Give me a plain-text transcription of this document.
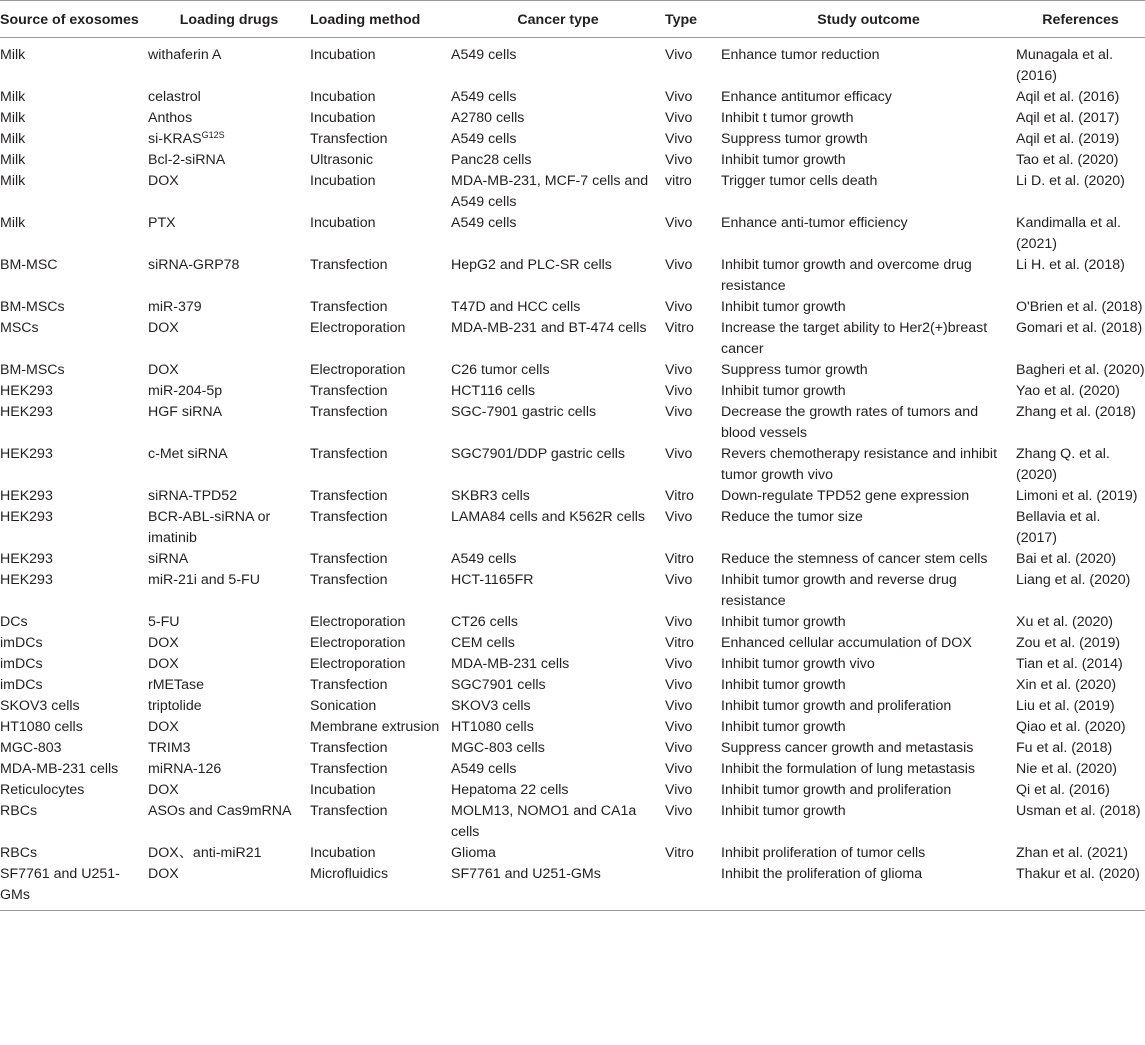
Source of exosomes	Loading drugs	Loading method	Cancer type	Type	Study outcome	References
Milk	withaferin A	Incubation	A549 cells	Vivo	Enhance tumor reduction	Munagala et al. (2016)
Milk	celastrol	Incubation	A549 cells	Vivo	Enhance antitumor efficacy	Aqil et al. (2016)
Milk	Anthos	Incubation	A2780 cells	Vivo	Inhibit t tumor growth	Aqil et al. (2017)
Milk	$si-KRAS^{G12S}$	Transfection	A549 cells	Vivo	Suppress tumor growth	Aqil et al. (2019)
Milk	Bcl-2-siRNA	Ultrasonic	Panc28 cells	Vivo	Inhibit tumor growth	Tao et al. (2020)
Milk	DOX	Incubation	MDA-MB-231, MCF-7 cells and A549 cells	vitro	Trigger tumor cells death	Li D. et al. (2020)
Milk	PTX	Incubation	A549 cells	Vivo	Enhance anti-tumor efficiency	Kandimalla et al. (2021)
BM-MSC	siRNA-GRP78	Transfection	HepG2 and PLC-SR cells	Vivo	Inhibit tumor growth and overcome drug resistance	Li H. et al. (2018)
BM-MSCs	miR-379	Transfection	T47D and HCC cells	Vivo	Inhibit tumor growth	O'Brien et al. (2018)
MSCs	DOX	Electroporation	MDA-MB-231 and BT-474 cells	Vitro	Increase the target ability to Her2(+)breast cancer	Gomari et al. (2018)
BM-MSCs	DOX	Electroporation	C26 tumor cells	Vivo	Suppress tumor growth	Bagheri et al. (2020)
HEK293	miR-204-5p	Transfection	HCT116 cells	Vivo	Inhibit tumor growth	Yao et al. (2020)
HEK293	HGF siRNA	Transfection	SGC-7901 gastric cells	Vivo	Decrease the growth rates of tumors and blood vessels	Zhang et al. (2018)
HEK293	c-Met siRNA	Transfection	SGC7901/DDP gastric cells	Vivo	Revers chemotherapy resistance and inhibit tumor growth vivo	Zhang Q. et al. (2020)
HEK293	siRNA-TPD52	Transfection	SKBR3 cells	Vitro	Down-regulate TPD52 gene expression	Limoni et al. (2019)
HEK293	BCR-ABL-siRNA or imatinib	Transfection	LAMA84 cells and K562R cells	Vivo	Reduce the tumor size	Bellavia et al. (2017)
HEK293	siRNA	Transfection	A549 cells	Vitro	Reduce the stemness of cancer stem cells	Bai et al. (2020)
HEK293	miR-21i and 5-FU	Transfection	HCT-1165FR	Vivo	Inhibit tumor growth and reverse drug resistance	Liang et al. (2020)
DCs	5-FU	Electroporation	CT26 cells	Vivo	Inhibit tumor growth	Xu et al. (2020)
imDCs	DOX	Electroporation	CEM cells	Vitro	Enhanced cellular accumulation of DOX	Zou et al. (2019)
imDCs	DOX	Electroporation	MDA-MB-231 cells	Vivo	Inhibit tumor growth vivo	Tian et al. (2014)
imDCs	rMETase	Transfection	SGC7901 cells	Vivo	Inhibit tumor growth	Xin et al. (2020)
SKOV3 cells	triptolide	Sonication	SKOV3 cells	Vivo	Inhibit tumor growth and proliferation	Liu et al. (2019)
HT1080 cells	DOX	Membrane extrusion	HT1080 cells	Vivo	Inhibit tumor growth	Qiao et al. (2020)
MGC-803	TRIM3	Transfection	MGC-803 cells	Vivo	Suppress cancer growth and metastasis	Fu et al. (2018)
MDA-MB-231 cells	miRNA-126	Transfection	A549 cells	Vivo	Inhibit the formulation of lung metastasis	Nie et al. (2020)
Reticulocytes	DOX	Incubation	Hepatoma 22 cells	Vivo	Inhibit tumor growth and proliferation	Qi et al. (2016)
RBCs	ASOs and Cas9mRNA	Transfection	MOLM13, NOMO1 and CA1a cells	Vivo	Inhibit tumor growth	Usman et al. (2018)
RBCs	DOX、anti-miR21	Incubation	Glioma	Vitro	Inhibit proliferation of tumor cells	Zhan et al. (2021)
SF7761 and U251-GMs	DOX	Microfluidics	SF7761 and U251-GMs		Inhibit the proliferation of glioma	Thakur et al. (2020)
